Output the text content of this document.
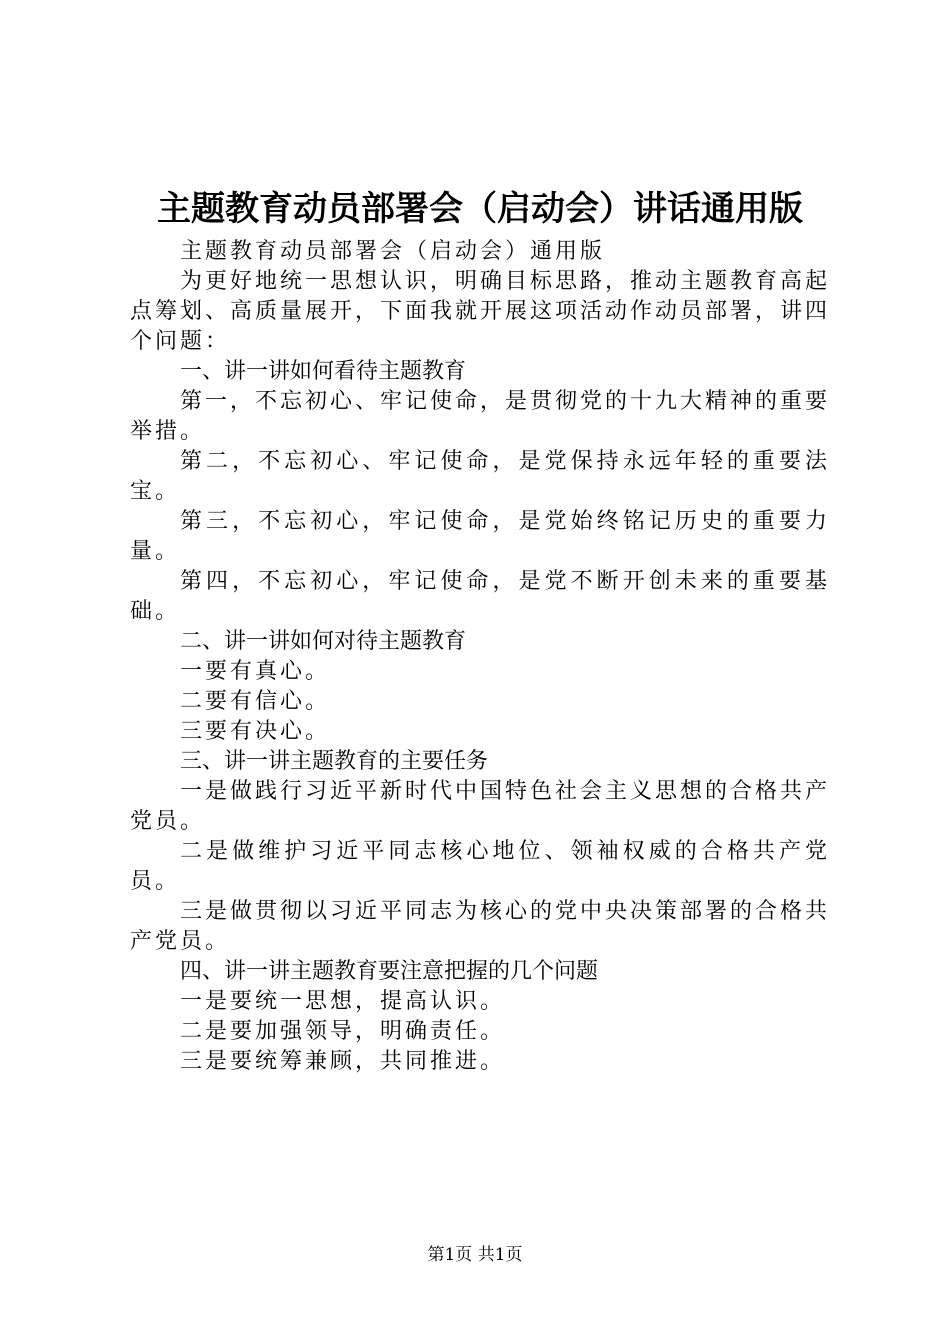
主题教育动员部署会（启动会）讲话通用版

主题教育动员部署会（启动会）通用版

为更好地统一思想认识，明确目标思路，推动主题教育高起点筹划、高质量展开，下面我就开展这项活动作动员部署，讲四个问题：

一、讲一讲如何看待主题教育

第一，不忘初心、牢记使命，是贯彻党的十九大精神的重要举措。

第二，不忘初心、牢记使命，是党保持永远年轻的重要法宝。

第三，不忘初心，牢记使命，是党始终铭记历史的重要力量。

第四，不忘初心，牢记使命，是党不断开创未来的重要基础。

二、讲一讲如何对待主题教育

一要有真心。

二要有信心。

三要有决心。

三、讲一讲主题教育的主要任务

一是做践行习近平新时代中国特色社会主义思想的合格共产党员。

二是做维护习近平同志核心地位、领袖权威的合格共产党员。

三是做贯彻以习近平同志为核心的党中央决策部署的合格共产党员。

四、讲一讲主题教育要注意把握的几个问题

一是要统一思想，提高认识。

二是要加强领导，明确责任。

三是要统筹兼顾，共同推进。

第1页 共1页
